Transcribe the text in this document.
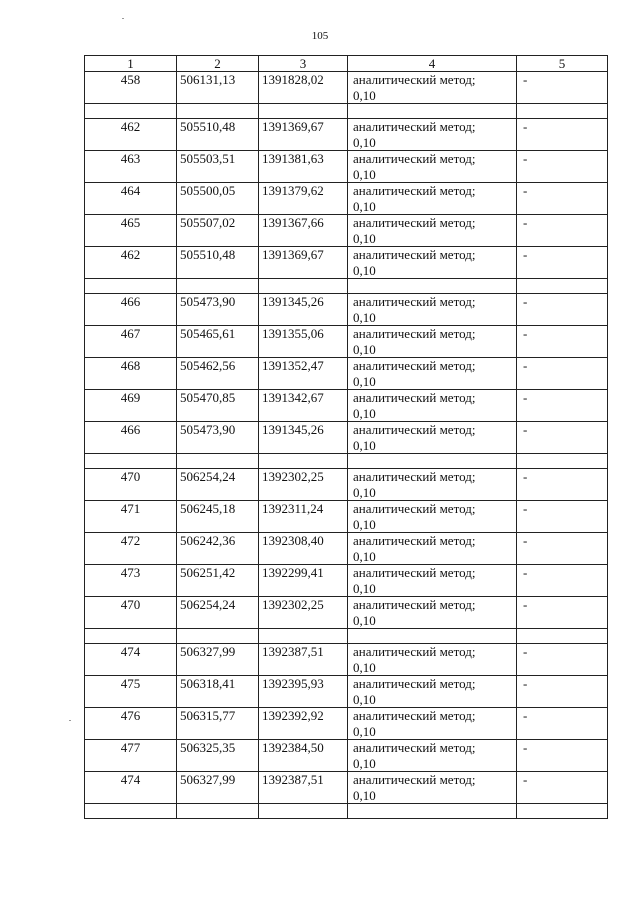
105
1	2	3	4	5
458	506131,13	1391828,02	аналитический метод;
0,10	-

462	505510,48	1391369,67	аналитический метод;
0,10	-
463	505503,51	1391381,63	аналитический метод;
0,10	-
464	505500,05	1391379,62	аналитический метод;
0,10	-
465	505507,02	1391367,66	аналитический метод;
0,10	-
462	505510,48	1391369,67	аналитический метод;
0,10	-

466	505473,90	1391345,26	аналитический метод;
0,10	-
467	505465,61	1391355,06	аналитический метод;
0,10	-
468	505462,56	1391352,47	аналитический метод;
0,10	-
469	505470,85	1391342,67	аналитический метод;
0,10	-
466	505473,90	1391345,26	аналитический метод;
0,10	-

470	506254,24	1392302,25	аналитический метод;
0,10	-
471	506245,18	1392311,24	аналитический метод;
0,10	-
472	506242,36	1392308,40	аналитический метод;
0,10	-
473	506251,42	1392299,41	аналитический метод;
0,10	-
470	506254,24	1392302,25	аналитический метод;
0,10	-

474	506327,99	1392387,51	аналитический метод;
0,10	-
475	506318,41	1392395,93	аналитический метод;
0,10	-
476	506315,77	1392392,92	аналитический метод;
0,10	-
477	506325,35	1392384,50	аналитический метод;
0,10	-
474	506327,99	1392387,51	аналитический метод;
0,10	-
